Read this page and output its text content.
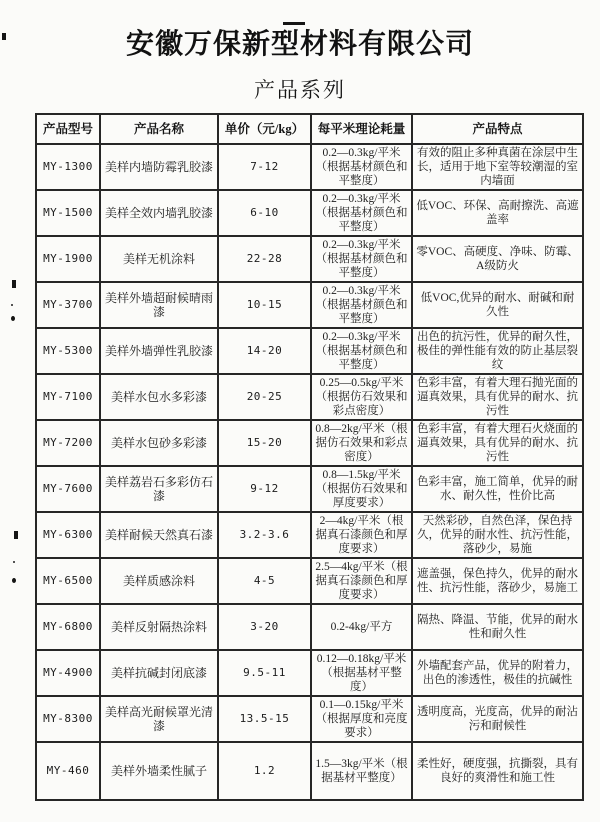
安徽万保新型材料有限公司
产品系列
产品型号	产品名称	单价（元/kg）	每平米理论耗量	产品特点
MY-1300	美样内墙防霉乳胶漆	7-12	0.2—0.3kg/平米（根据基材颜色和平整度）	有效的阻止多种真菌在涂层中生长，适用于地下室等较潮湿的室内墙面
MY-1500	美样全效内墙乳胶漆	6-10	0.2—0.3kg/平米（根据基材颜色和平整度）	低VOC、环保、高耐擦洗、高遮盖率
MY-1900	美样无机涂料	22-28	0.2—0.3kg/平米（根据基材颜色和平整度）	零VOC、高硬度、净味、防霉、A级防火
MY-3700	美样外墙超耐候晴雨漆	10-15	0.2—0.3kg/平米（根据基材颜色和平整度）	低VOC,优异的耐水、耐碱和耐久性
MY-5300	美样外墙弹性乳胶漆	14-20	0.2—0.3kg/平米（根据基材颜色和平整度）	出色的抗污性，优异的耐久性，极佳的弹性能有效的防止基层裂纹
MY-7100	美样水包水多彩漆	20-25	0.25—0.5kg/平米（根据仿石效果和彩点密度）	色彩丰富，有着大理石抛光面的逼真效果，具有优异的耐水、抗污性
MY-7200	美样水包砂多彩漆	15-20	0.8—2kg/平米（根据仿石效果和彩点密度）	色彩丰富，有着大理石火烧面的逼真效果，具有优异的耐水、抗污性
MY-7600	美样荔岩石多彩仿石漆	9-12	0.8—1.5kg/平米（根据仿石效果和厚度要求）	色彩丰富，施工简单，优异的耐水、耐久性，性价比高
MY-6300	美样耐候天然真石漆	3.2-3.6	2—4kg/平米（根据真石漆颜色和厚度要求）	天然彩砂，自然色泽，保色持久，优异的耐水性、抗污性能，落砂少，易施
MY-6500	美样质感涂料	4-5	2.5—4kg/平米（根据真石漆颜色和厚度要求）	遮盖强，保色持久，优异的耐水性、抗污性能，落砂少，易施工
MY-6800	美样反射隔热涂料	3-20	0.2-4kg/平方	隔热、降温、节能，优异的耐水性和耐久性
MY-4900	美样抗碱封闭底漆	9.5-11	0.12—0.18kg/平米（根据基材平整度）	外墙配套产品，优异的附着力，出色的渗透性，极佳的抗碱性
MY-8300	美样高光耐候罩光清漆	13.5-15	0.1—0.15kg/平米（根据厚度和亮度要求）	透明度高，光度高，优异的耐沾污和耐候性
MY-460	美样外墙柔性腻子	1.2	1.5—3kg/平米（根据基材平整度）	柔性好，硬度强，抗撕裂，具有良好的爽滑性和施工性
